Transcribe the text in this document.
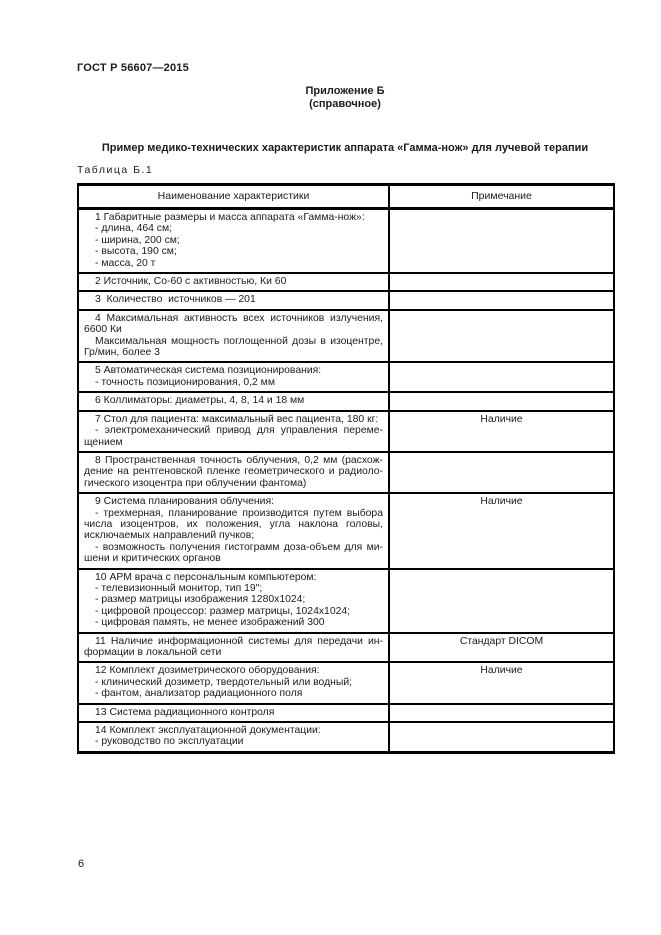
ГОСТ Р 56607—2015
Приложение Б
(справочное)
Пример медико-технических характеристик аппарата «Гамма-нож» для лучевой терапии
Таблица Б.1
Наименование характеристики	Примечание

1 Габаритные размеры и масса аппарата «Гамма-нож»:
- длина, 464 см;
- ширина, 200 см;
- высота, 190 см;
- масса, 20 т	

2 Источник, Со-60 с активностью, Ки 60	

3  Количество  источников — 201	

4 Максимальная активность всех источников излучения,
6600 Ки
Максимальная мощность поглощенной дозы в изоцентре,
Гр/мин, более 3	

5 Автоматическая система позиционирования:
- точность позиционирования, 0,2 мм	

6 Коллиматоры: диаметры, 4, 8, 14 и 18 мм	

7 Стол для пациента: максимальный вес пациента, 180 кг:
- электромеханический привод для управления переме-
щением	Наличие

8 Пространственная точность облучения, 0,2 мм (расхож-
дение на рентгеновской пленке геометрического и радиоло-
гического изоцентра при облучении фантома)	

9 Система планирования облучения:
- трехмерная, планирование производится путем выбора
числа изоцентров, их положения, угла наклона головы,
исключаемых направлений пучков;
- возможность получения гистограмм доза-объем для ми-
шени и критических органов
	Наличие

10 АРМ врача с персональным компьютером:
- телевизионный монитор, тип 19";
- размер матрицы изображения 1280х1024;
- цифровой процессор: размер матрицы, 1024х1024;
- цифровая память, не менее изображений 300	

11 Наличие информационной системы для передачи ин-
формации в локальной сети	Стандарт DICOM

12 Комплект дозиметрического оборудования:
- клинический дозиметр, твердотельный или водный;
- фантом, анализатор радиационного поля	Наличие

13 Система радиационного контроля	

14 Комплект эксплуатационной документации:
- руководство по эксплуатации	

6
